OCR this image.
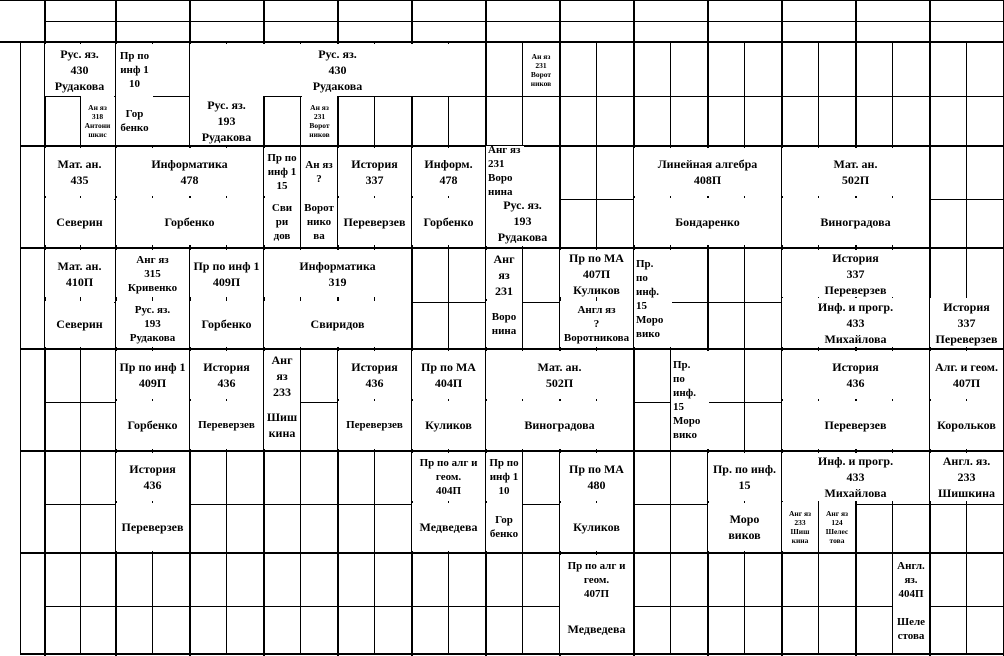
Рус. яз.
430
Рудакова
Ан яз
318
Антони
шкис
Пр по
инф 1
10
Гор
бенко
Рус. яз.
430
Рудакова
Рус. яз.
193
Рудакова
Ан яз
231
Ворот
ников
Ан яз
231
Ворот
ников
Мат. ан.
435
Северин
Информатика
478
Горбенко
Пр по
инф 1
15
Сви
ри
дов
Ан яз
?
Ворот
нико
ва
История
337
Переверзев
Информ.
478
Горбенко
Анг яз
231
Воро
нина
Рус. яз.
193
Рудакова
Линейная алгебра
408П
Бондаренко
Мат. ан.
502П
Виноградова
Мат. ан.
410П
Северин
Анг яз
315
Кривенко
Рус. яз.
193
Рудакова
Пр по инф 1
409П
Горбенко
Информатика
319
Свиридов
Анг
яз
231
Воро
нина
Пр по МА
407П
Куликов
Англ яз
?
Воротникова
Пр.
по
инф.
15
Моро
вико
История
337
Переверзев
Инф. и прогр.
433
Михайлова
История
337
Переверзев
Пр по инф 1
409П
Горбенко
История
436
Переверзев
Анг
яз
233
Шиш
кина
История
436
Переверзев
Пр по МА
404П
Куликов
Мат. ан.
502П
Виноградова
Пр.
по
инф.
15
Моро
вико
История
436
Переверзев
Алг. и геом.
407П
Корольков
История
436
Переверзев
Пр по алг и
геом.
404П
Медведева
Пр по
инф 1
10
Гор
бенко
Пр по МА
480
Куликов
Пр. по инф.
15
Моро
виков
Инф. и прогр.
433
Михайлова
Анг яз
233
Шиш
кина
Анг яз
124
Шелес
това
Англ. яз.
233
Шишкина
Пр по алг и
геом.
407П
Медведева
Англ.
яз.
404П
Шеле
стова
